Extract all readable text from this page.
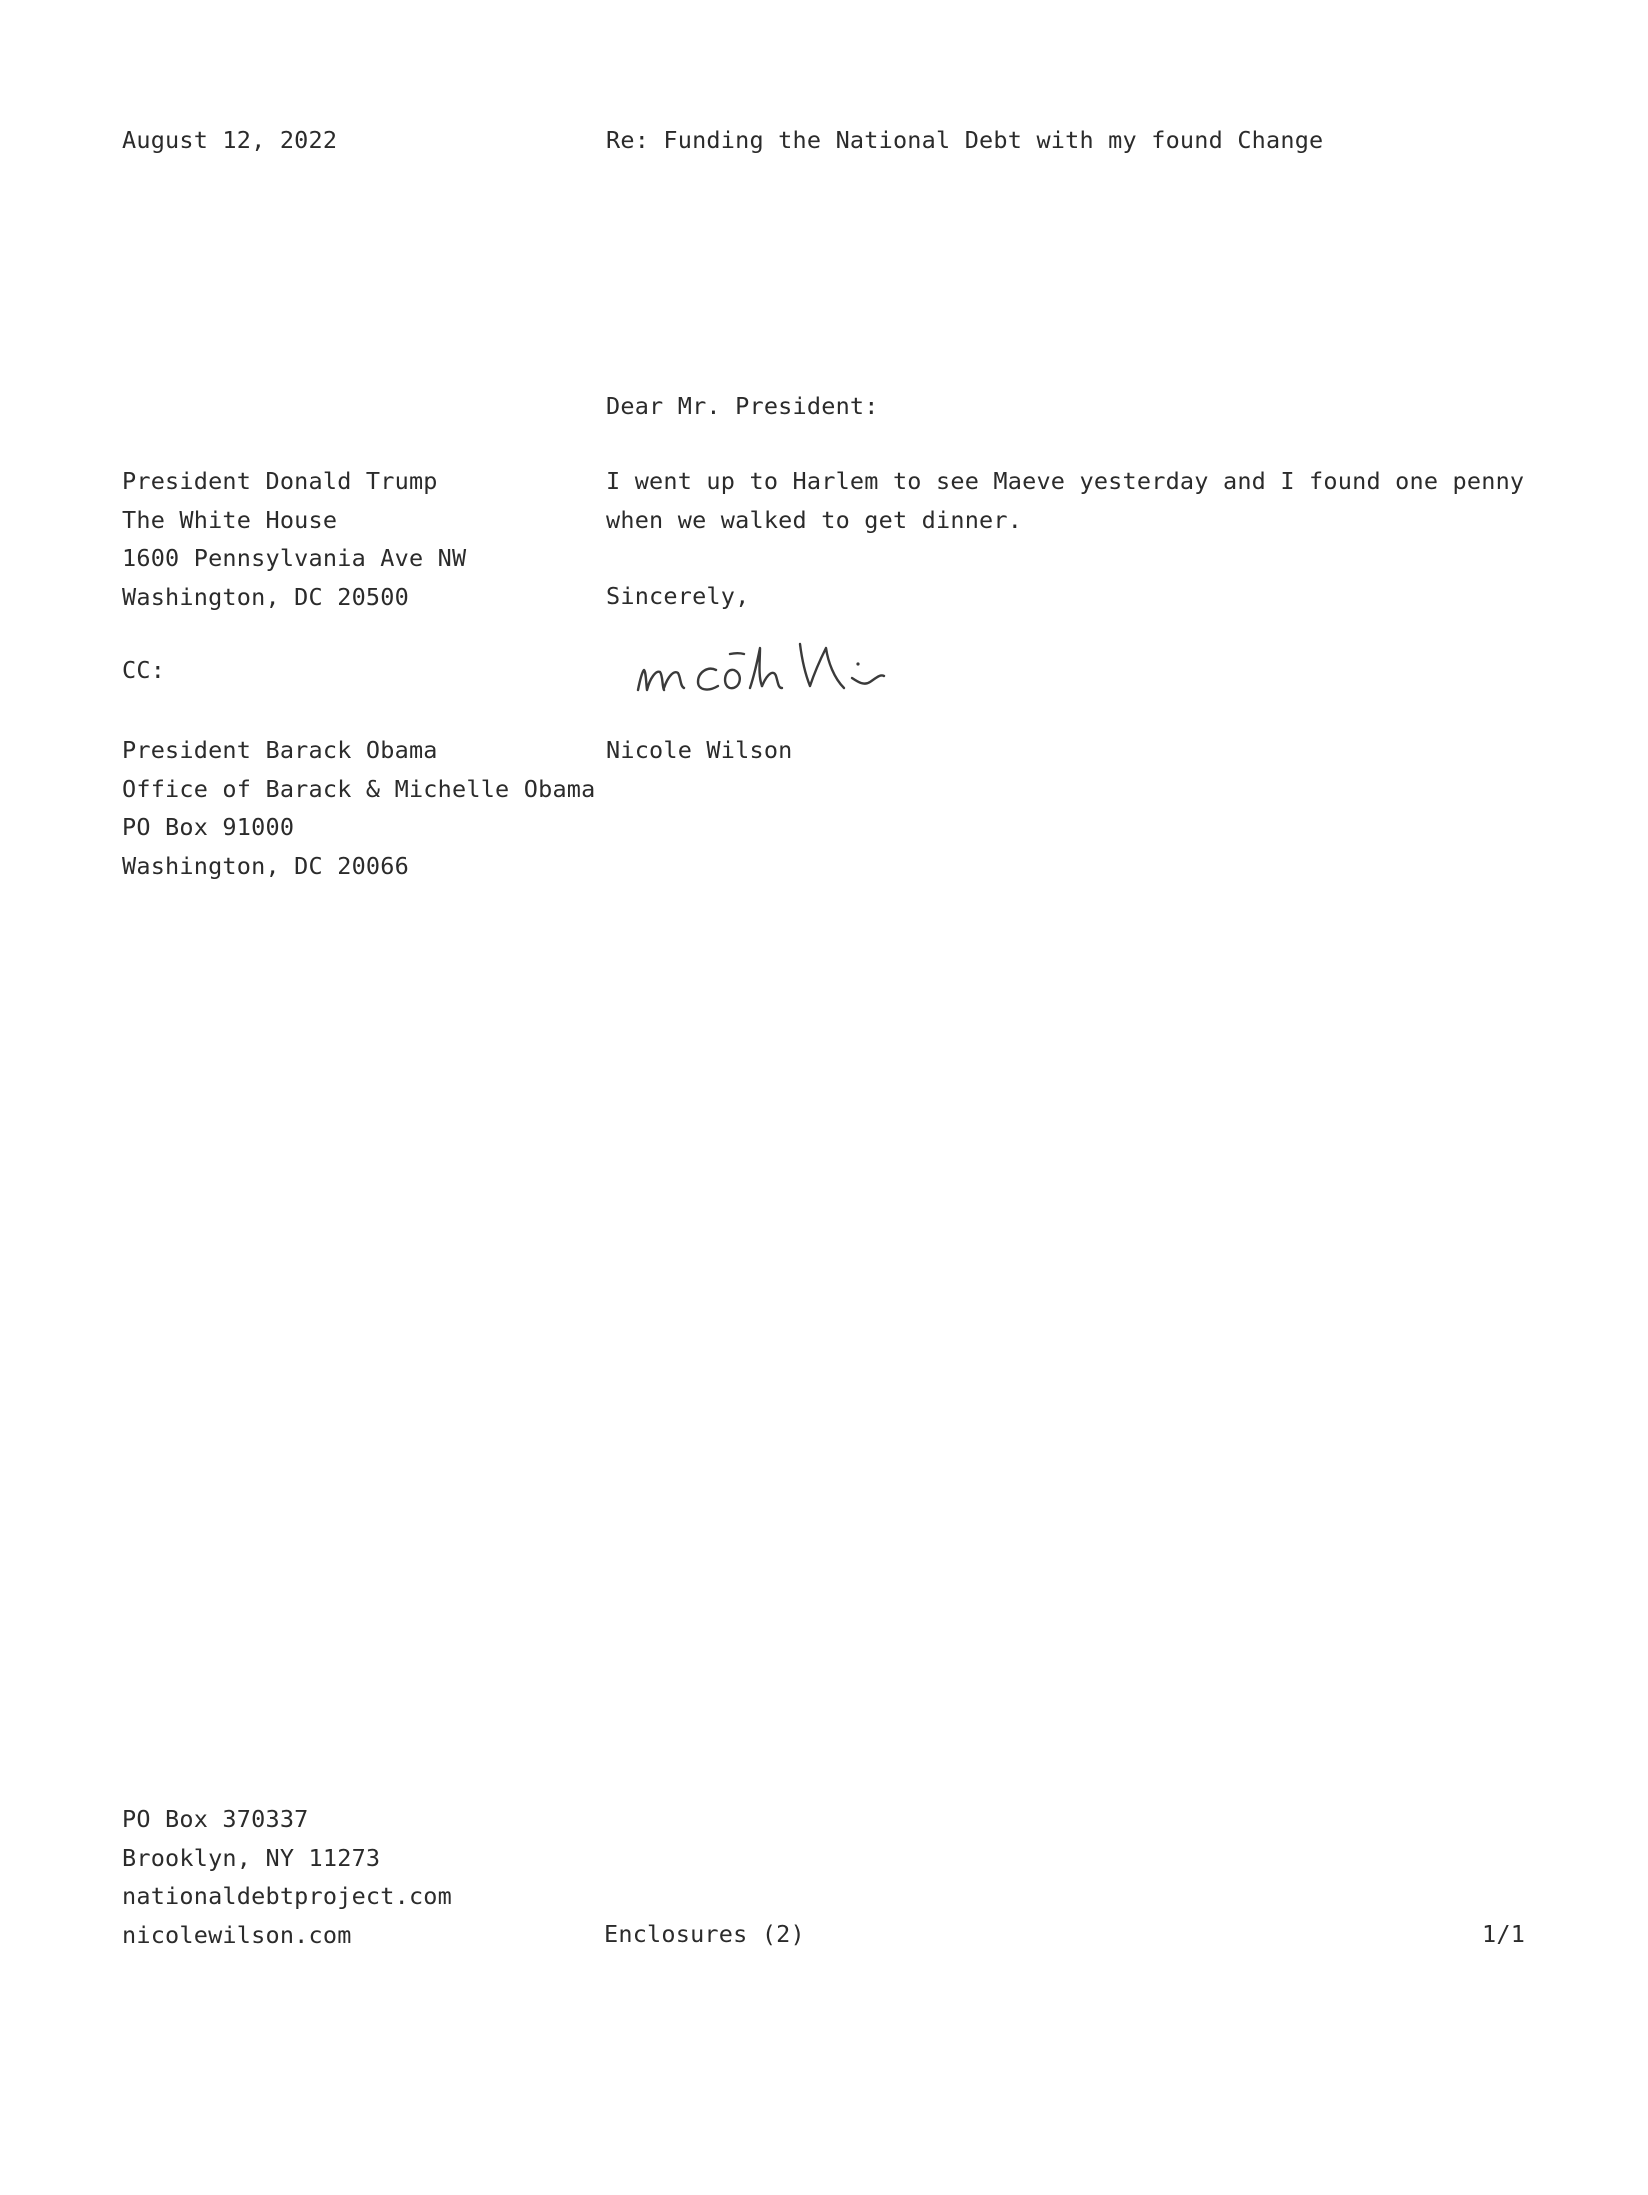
August 12, 2022	Re: Funding the National Debt with my found Change
Dear Mr. President:
President Donald Trump
The White House
1600 Pennsylvania Ave NW
Washington, DC 20500
I went up to Harlem to see Maeve yesterday and I found one penny
when we walked to get dinner.
Sincerely,
CC:
President Barack Obama
Office of Barack & Michelle Obama
PO Box 91000
Washington, DC 20066
Nicole Wilson
PO Box 370337
Brooklyn, NY 11273
nationaldebtproject.com
nicolewilson.com	Enclosures (2)	1/1
